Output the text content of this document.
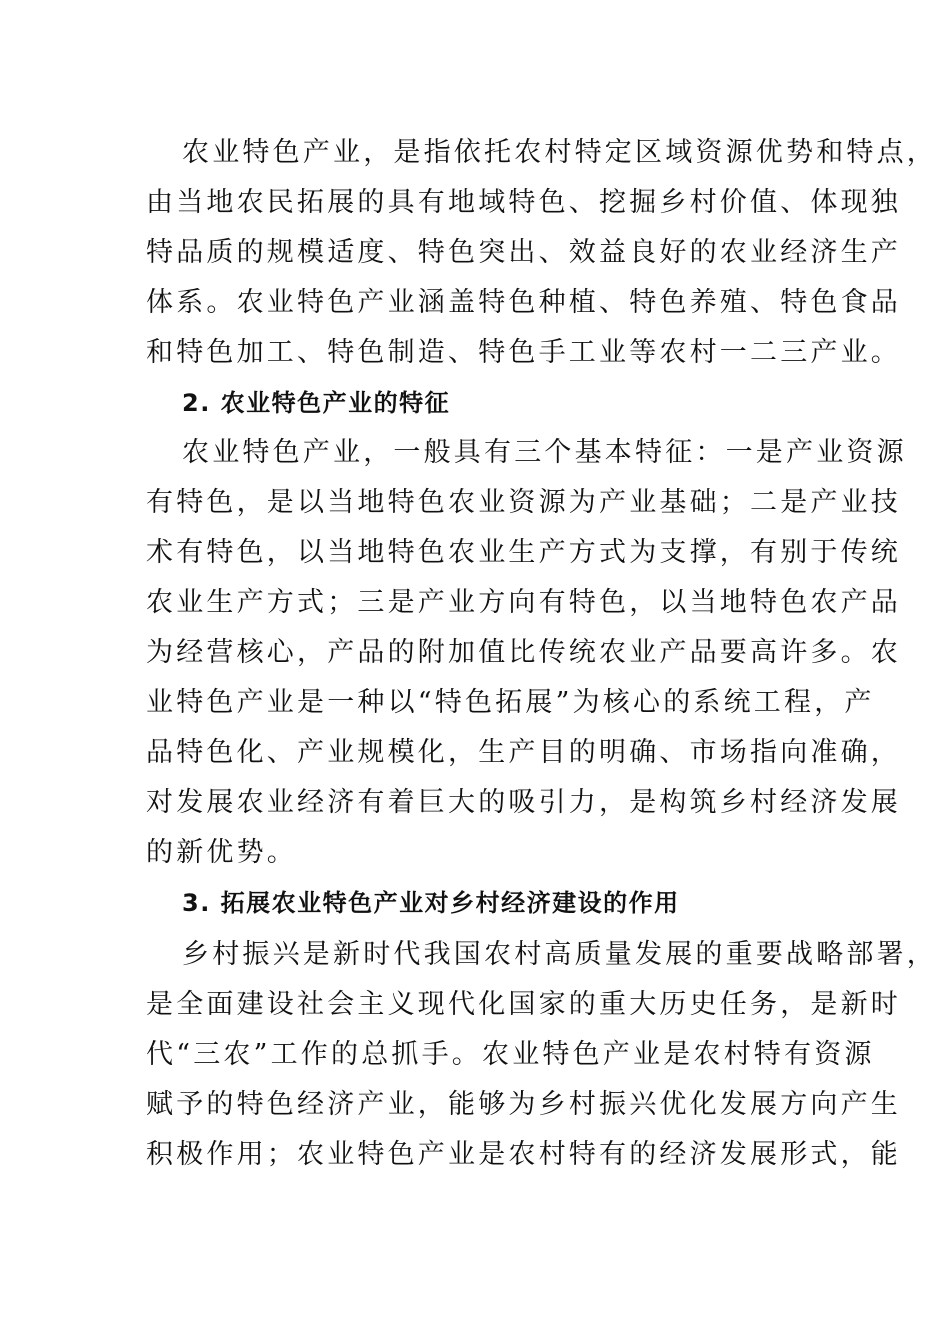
农业特色产业，是指依托农村特定区域资源优势和特点，
由当地农民拓展的具有地域特色、挖掘乡村价值、体现独
特品质的规模适度、特色突出、效益良好的农业经济生产
体系。农业特色产业涵盖特色种植、特色养殖、特色食品
和特色加工、特色制造、特色手工业等农村一二三产业。
2. 农业特色产业的特征
农业特色产业，一般具有三个基本特征：一是产业资源
有特色，是以当地特色农业资源为产业基础；二是产业技
术有特色，以当地特色农业生产方式为支撑，有别于传统
农业生产方式；三是产业方向有特色，以当地特色农产品
为经营核心，产品的附加值比传统农业产品要高许多。农
业特色产业是一种以“特色拓展”为核心的系统工程，产
品特色化、产业规模化，生产目的明确、市场指向准确，
对发展农业经济有着巨大的吸引力，是构筑乡村经济发展
的新优势。
3. 拓展农业特色产业对乡村经济建设的作用
乡村振兴是新时代我国农村高质量发展的重要战略部署，
是全面建设社会主义现代化国家的重大历史任务，是新时
代“三农”工作的总抓手。农业特色产业是农村特有资源
赋予的特色经济产业，能够为乡村振兴优化发展方向产生
积极作用；农业特色产业是农村特有的经济发展形式，能
